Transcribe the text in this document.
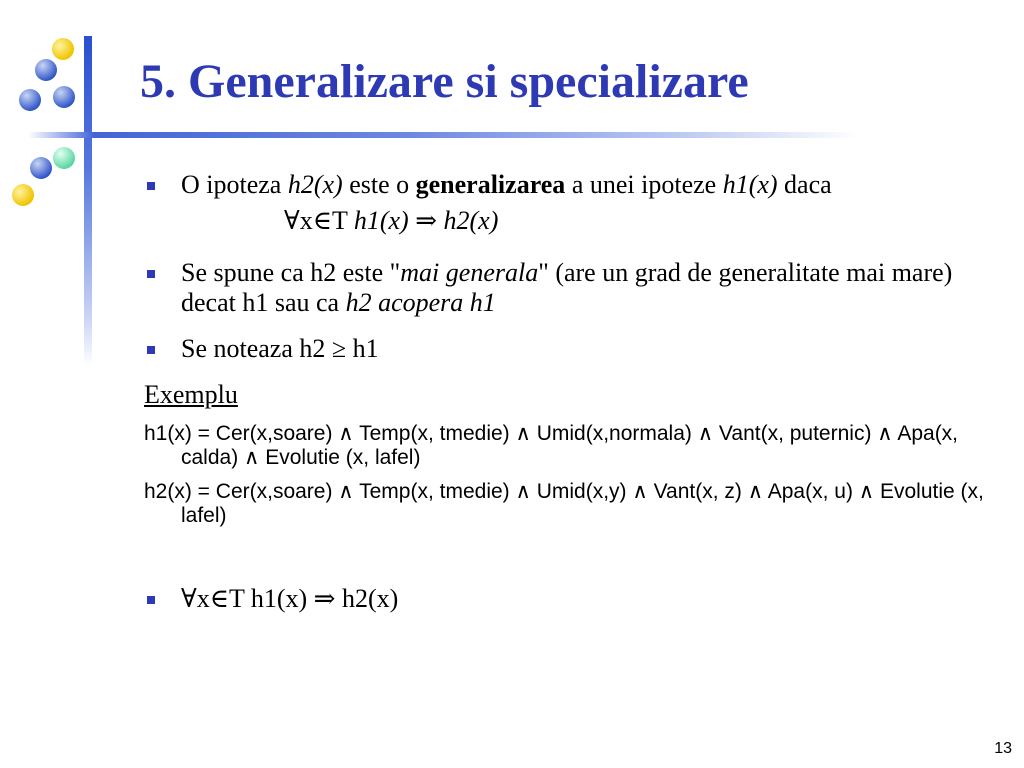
5. Generalizare si specializare
O ipoteza h2(x) este o generalizarea a unei ipoteze h1(x) daca
∀x∈T h1(x) ⇒ h2(x)
Se spune ca h2 este "mai generala" (are un grad de generalitate mai mare) decat h1 sau ca h2 acopera h1
Se noteaza h2 ≥ h1
Exemplu
h1(x) = Cer(x,soare) ∧ Temp(x, tmedie) ∧ Umid(x,normala) ∧ Vant(x, puternic) ∧ Apa(x, calda) ∧ Evolutie (x, lafel)
h2(x) = Cer(x,soare) ∧ Temp(x, tmedie) ∧ Umid(x,y) ∧ Vant(x, z) ∧ Apa(x, u) ∧ Evolutie (x, lafel)
∀x∈T h1(x) ⇒ h2(x)
13
